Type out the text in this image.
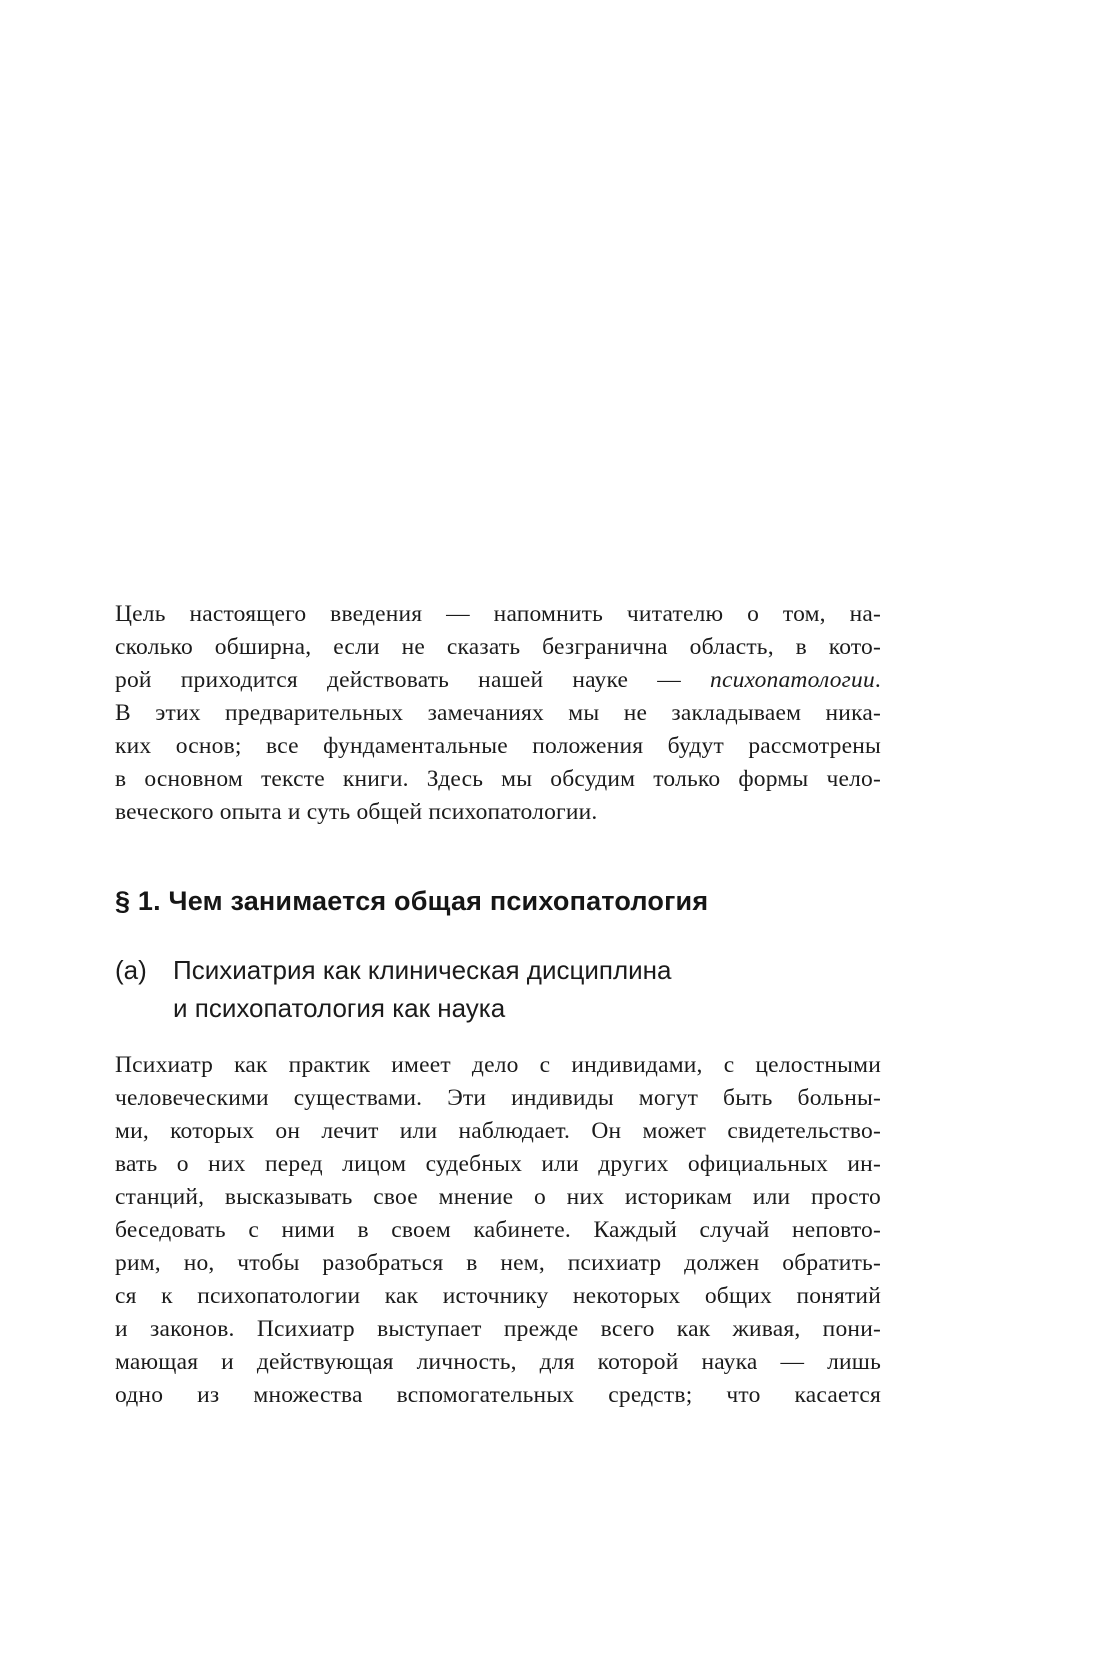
Цель настоящего введения — напомнить читателю о том, на-
сколько обширна, если не сказать безгранична область, в кото-
рой приходится действовать нашей науке — психопатологии.
В этих предварительных замечаниях мы не закладываем ника-
ких основ; все фундаментальные положения будут рассмотрены
в основном тексте книги. Здесь мы обсудим только формы чело-
веческого опыта и суть общей психопатологии.
§ 1. Чем занимается общая психопатология
(а)	Психиатрия как клиническая дисциплина
и психопатология как наука
Психиатр как практик имеет дело с индивидами, с целостными
человеческими существами. Эти индивиды могут быть больны-
ми, которых он лечит или наблюдает. Он может свидетельство-
вать о них перед лицом судебных или других официальных ин-
станций, высказывать свое мнение о них историкам или просто
беседовать с ними в своем кабинете. Каждый случай неповто-
рим, но, чтобы разобраться в нем, психиатр должен обратить-
ся к психопатологии как источнику некоторых общих понятий
и законов. Психиатр выступает прежде всего как живая, пони-
мающая и действующая личность, для которой наука — лишь
одно из множества вспомогательных средств; что касается
